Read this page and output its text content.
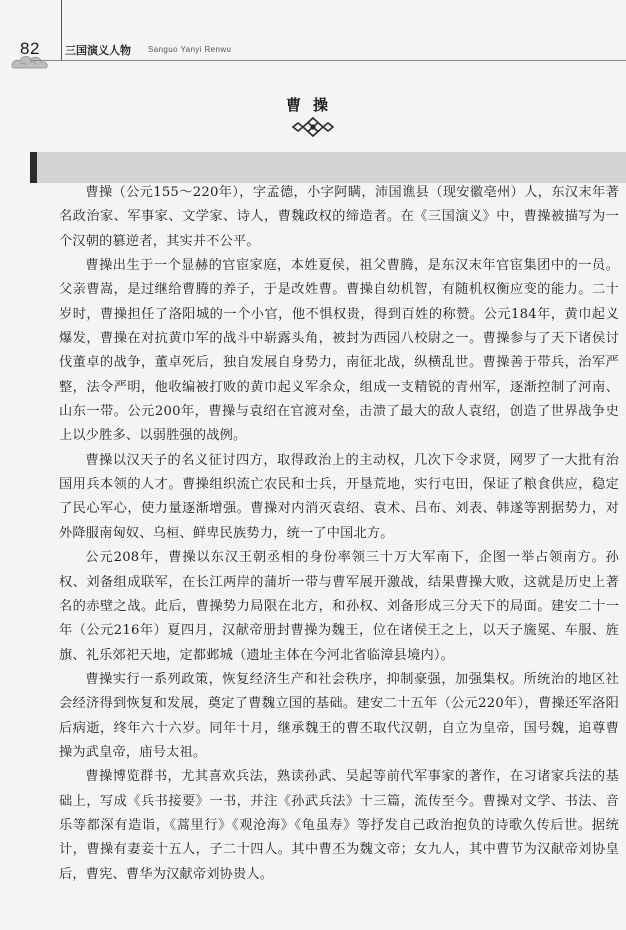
82 三国演义人物 Sanguo Yanyi Renwu
曹操

曹操（公元155～220年），字孟德，小字阿瞒，沛国谯县（现安徽亳州）人，东汉末年著名政治家、军事家、文学家、诗人，曹魏政权的缔造者。在《三国演义》中，曹操被描写为一个汉朝的篡逆者，其实并不公平。

曹操出生于一个显赫的官宦家庭，本姓夏侯，祖父曹腾，是东汉末年官宦集团中的一员。父亲曹嵩，是过继给曹腾的养子，于是改姓曹。曹操自幼机智，有随机权衡应变的能力。二十岁时，曹操担任了洛阳城的一个小官，他不惧权贵，得到百姓的称赞。公元184年，黄巾起义爆发，曹操在对抗黄巾军的战斗中崭露头角，被封为西园八校尉之一。曹操参与了天下诸侯讨伐董卓的战争，董卓死后，独自发展自身势力，南征北战，纵横乱世。曹操善于带兵，治军严整，法令严明，他收编被打败的黄巾起义军余众，组成一支精锐的青州军，逐渐控制了河南、山东一带。公元200年，曹操与袁绍在官渡对垒，击溃了最大的敌人袁绍，创造了世界战争史上以少胜多、以弱胜强的战例。

曹操以汉天子的名义征讨四方，取得政治上的主动权，几次下令求贤，网罗了一大批有治国用兵本领的人才。曹操组织流亡农民和士兵，开垦荒地，实行屯田，保证了粮食供应，稳定了民心军心，使力量逐渐增强。曹操对内消灭袁绍、袁术、吕布、刘表、韩遂等割据势力，对外降服南匈奴、乌桓、鲜卑民族势力，统一了中国北方。

公元208年，曹操以东汉王朝丞相的身份率领三十万大军南下，企图一举占领南方。孙权、刘备组成联军，在长江两岸的蒲圻一带与曹军展开激战，结果曹操大败，这就是历史上著名的赤壁之战。此后，曹操势力局限在北方，和孙权、刘备形成三分天下的局面。建安二十一年（公元216年）夏四月，汉献帝册封曹操为魏王，位在诸侯王之上，以天子旒冕、车服、旌旗、礼乐郊祀天地，定都邺城（遗址主体在今河北省临漳县境内）。

曹操实行一系列政策，恢复经济生产和社会秩序，抑制豪强，加强集权。所统治的地区社会经济得到恢复和发展，奠定了曹魏立国的基础。建安二十五年（公元220年），曹操还军洛阳后病逝，终年六十六岁。同年十月，继承魏王的曹丕取代汉朝，自立为皇帝，国号魏，追尊曹操为武皇帝，庙号太祖。

曹操博览群书，尤其喜欢兵法，熟读孙武、吴起等前代军事家的著作，在习诸家兵法的基础上，写成《兵书接要》一书，并注《孙武兵法》十三篇，流传至今。曹操对文学、书法、音乐等都深有造诣，《蒿里行》《观沧海》《龟虽寿》等抒发自己政治抱负的诗歌久传后世。据统计，曹操有妻妾十五人，子二十四人。其中曹丕为魏文帝；女九人，其中曹节为汉献帝刘协皇后，曹宪、曹华为汉献帝刘协贵人。
